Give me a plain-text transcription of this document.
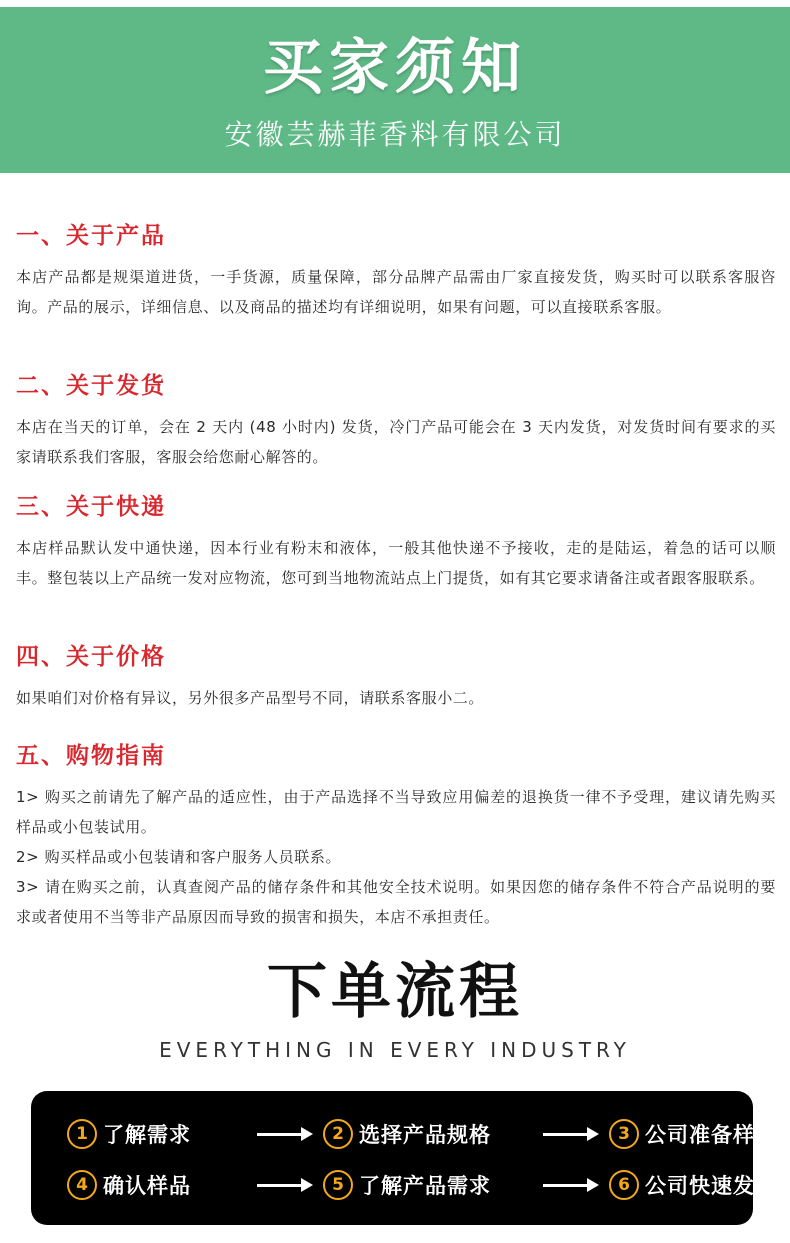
买家须知
安徽芸赫菲香料有限公司
一、关于产品

本店产品都是规渠道进货，一手货源，质量保障，部分品牌产品需由厂家直接发货，购买时可以联系客服咨询。产品的展示，详细信息、以及商品的描述均有详细说明，如果有问题，可以直接联系客服。

二、关于发货

本店在当天的订单，会在 2 天内 (48 小时内) 发货，冷门产品可能会在 3 天内发货，对发货时间有要求的买家请联系我们客服，客服会给您耐心解答的。

三、关于快递

本店样品默认发中通快递，因本行业有粉末和液体，一般其他快递不予接收，走的是陆运，着急的话可以顺丰。整包装以上产品统一发对应物流，您可到当地物流站点上门提货，如有其它要求请备注或者跟客服联系。

四、关于价格

如果咱们对价格有异议，另外很多产品型号不同，请联系客服小二。

五、购物指南

1> 购买之前请先了解产品的适应性，由于产品选择不当导致应用偏差的退换货一律不予受理，建议请先购买样品或小包装试用。

2> 购买样品或小包装请和客户服务人员联系。

3> 请在购买之前，认真查阅产品的储存条件和其他安全技术说明。如果因您的储存条件不符合产品说明的要求或者使用不当等非产品原因而导致的损害和损失，本店不承担责任。

下单流程
EVERYTHING IN EVERY INDUSTRY
1 了解需求	2 选择产品规格	3 公司准备样品
4 确认样品	5 了解产品需求	6 公司快速发货
